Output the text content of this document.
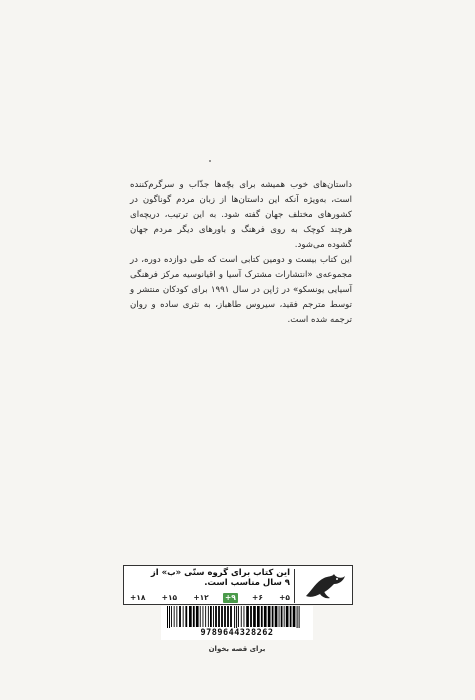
داستان‌های خوب همیشه برای بچّه‌ها جذّاب و سرگرم‌کننده است، به‌ویژه آنکه این داستان‌ها از زبان مردم گوناگون در کشورهای مختلف جهان گفته شود. به این ترتیب، دریچه‌ای هرچند کوچک به روی فرهنگ و باورهای دیگر مردم جهان گشوده می‌شود.

این کتاب بیست و دومین کتابی است که طی دوازده دوره، در مجموعه‌ی «انتشارات مشترک آسیا و اقیانوسیه مرکز فرهنگی آسیایی یونسکو» در ژاپن در سال ۱۹۹۱ برای کودکان منتشر و توسط مترجم فقید، سیروس طاهباز، به نثری ساده و روان ترجمه شده است.

این کتاب برای گروه سنّی «ب» از
۹ سال مناسب است.
+۵
+۶
+۹
+۱۲
+۱۵
+۱۸
9789644328262
برای قصه بخوان
